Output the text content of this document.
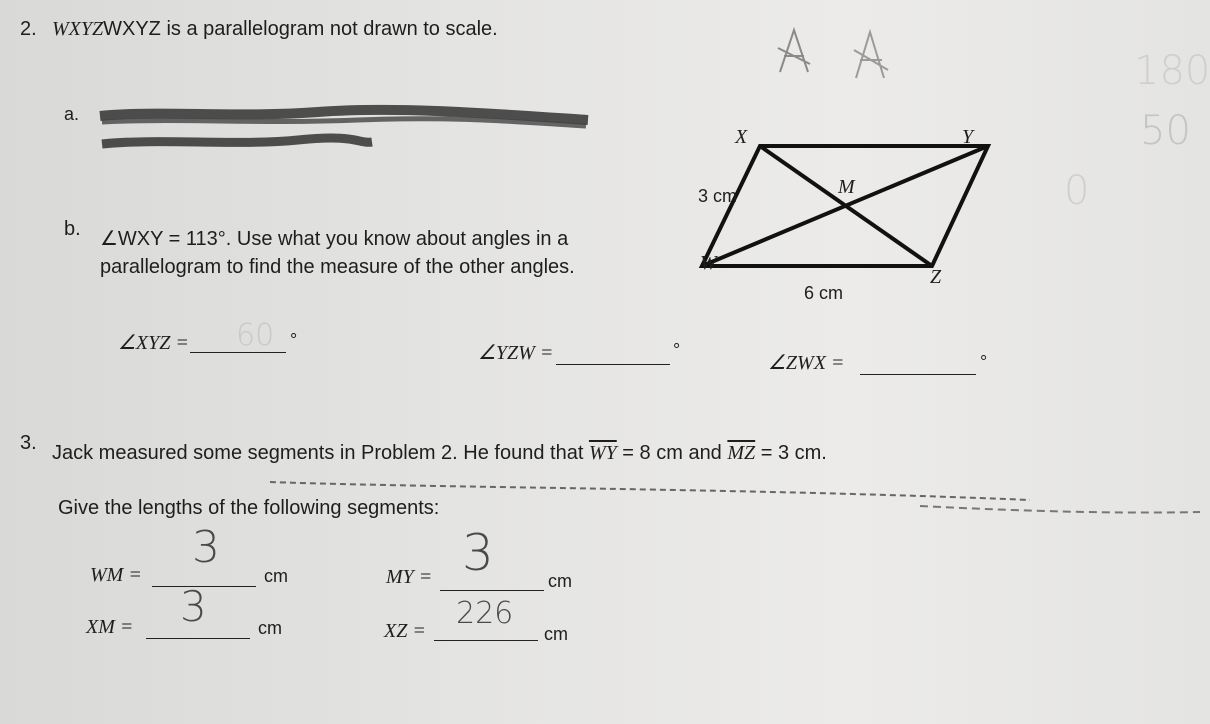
2. WXYZWXYZ is a parallelogram not drawn to scale.
a.
b. ∠WXY = 113°. Use what you know about angles in a
parallelogram to find the measure of the other angles.
X	Y
W
Z
M
3 cm
6 cm
∠XYZ =	°
60	∠YZW =	°
∠ZWX =	°
3. Jack measured some segments in Problem 2. He found that $\overline{WY} = 8$ cm and $\overline{MZ} = 3$ cm.
Give the lengths of the following segments:
WM =
3
cm	MY = 3	cm
XM = 3	cm	XZ = 226
cm
180
50
0
